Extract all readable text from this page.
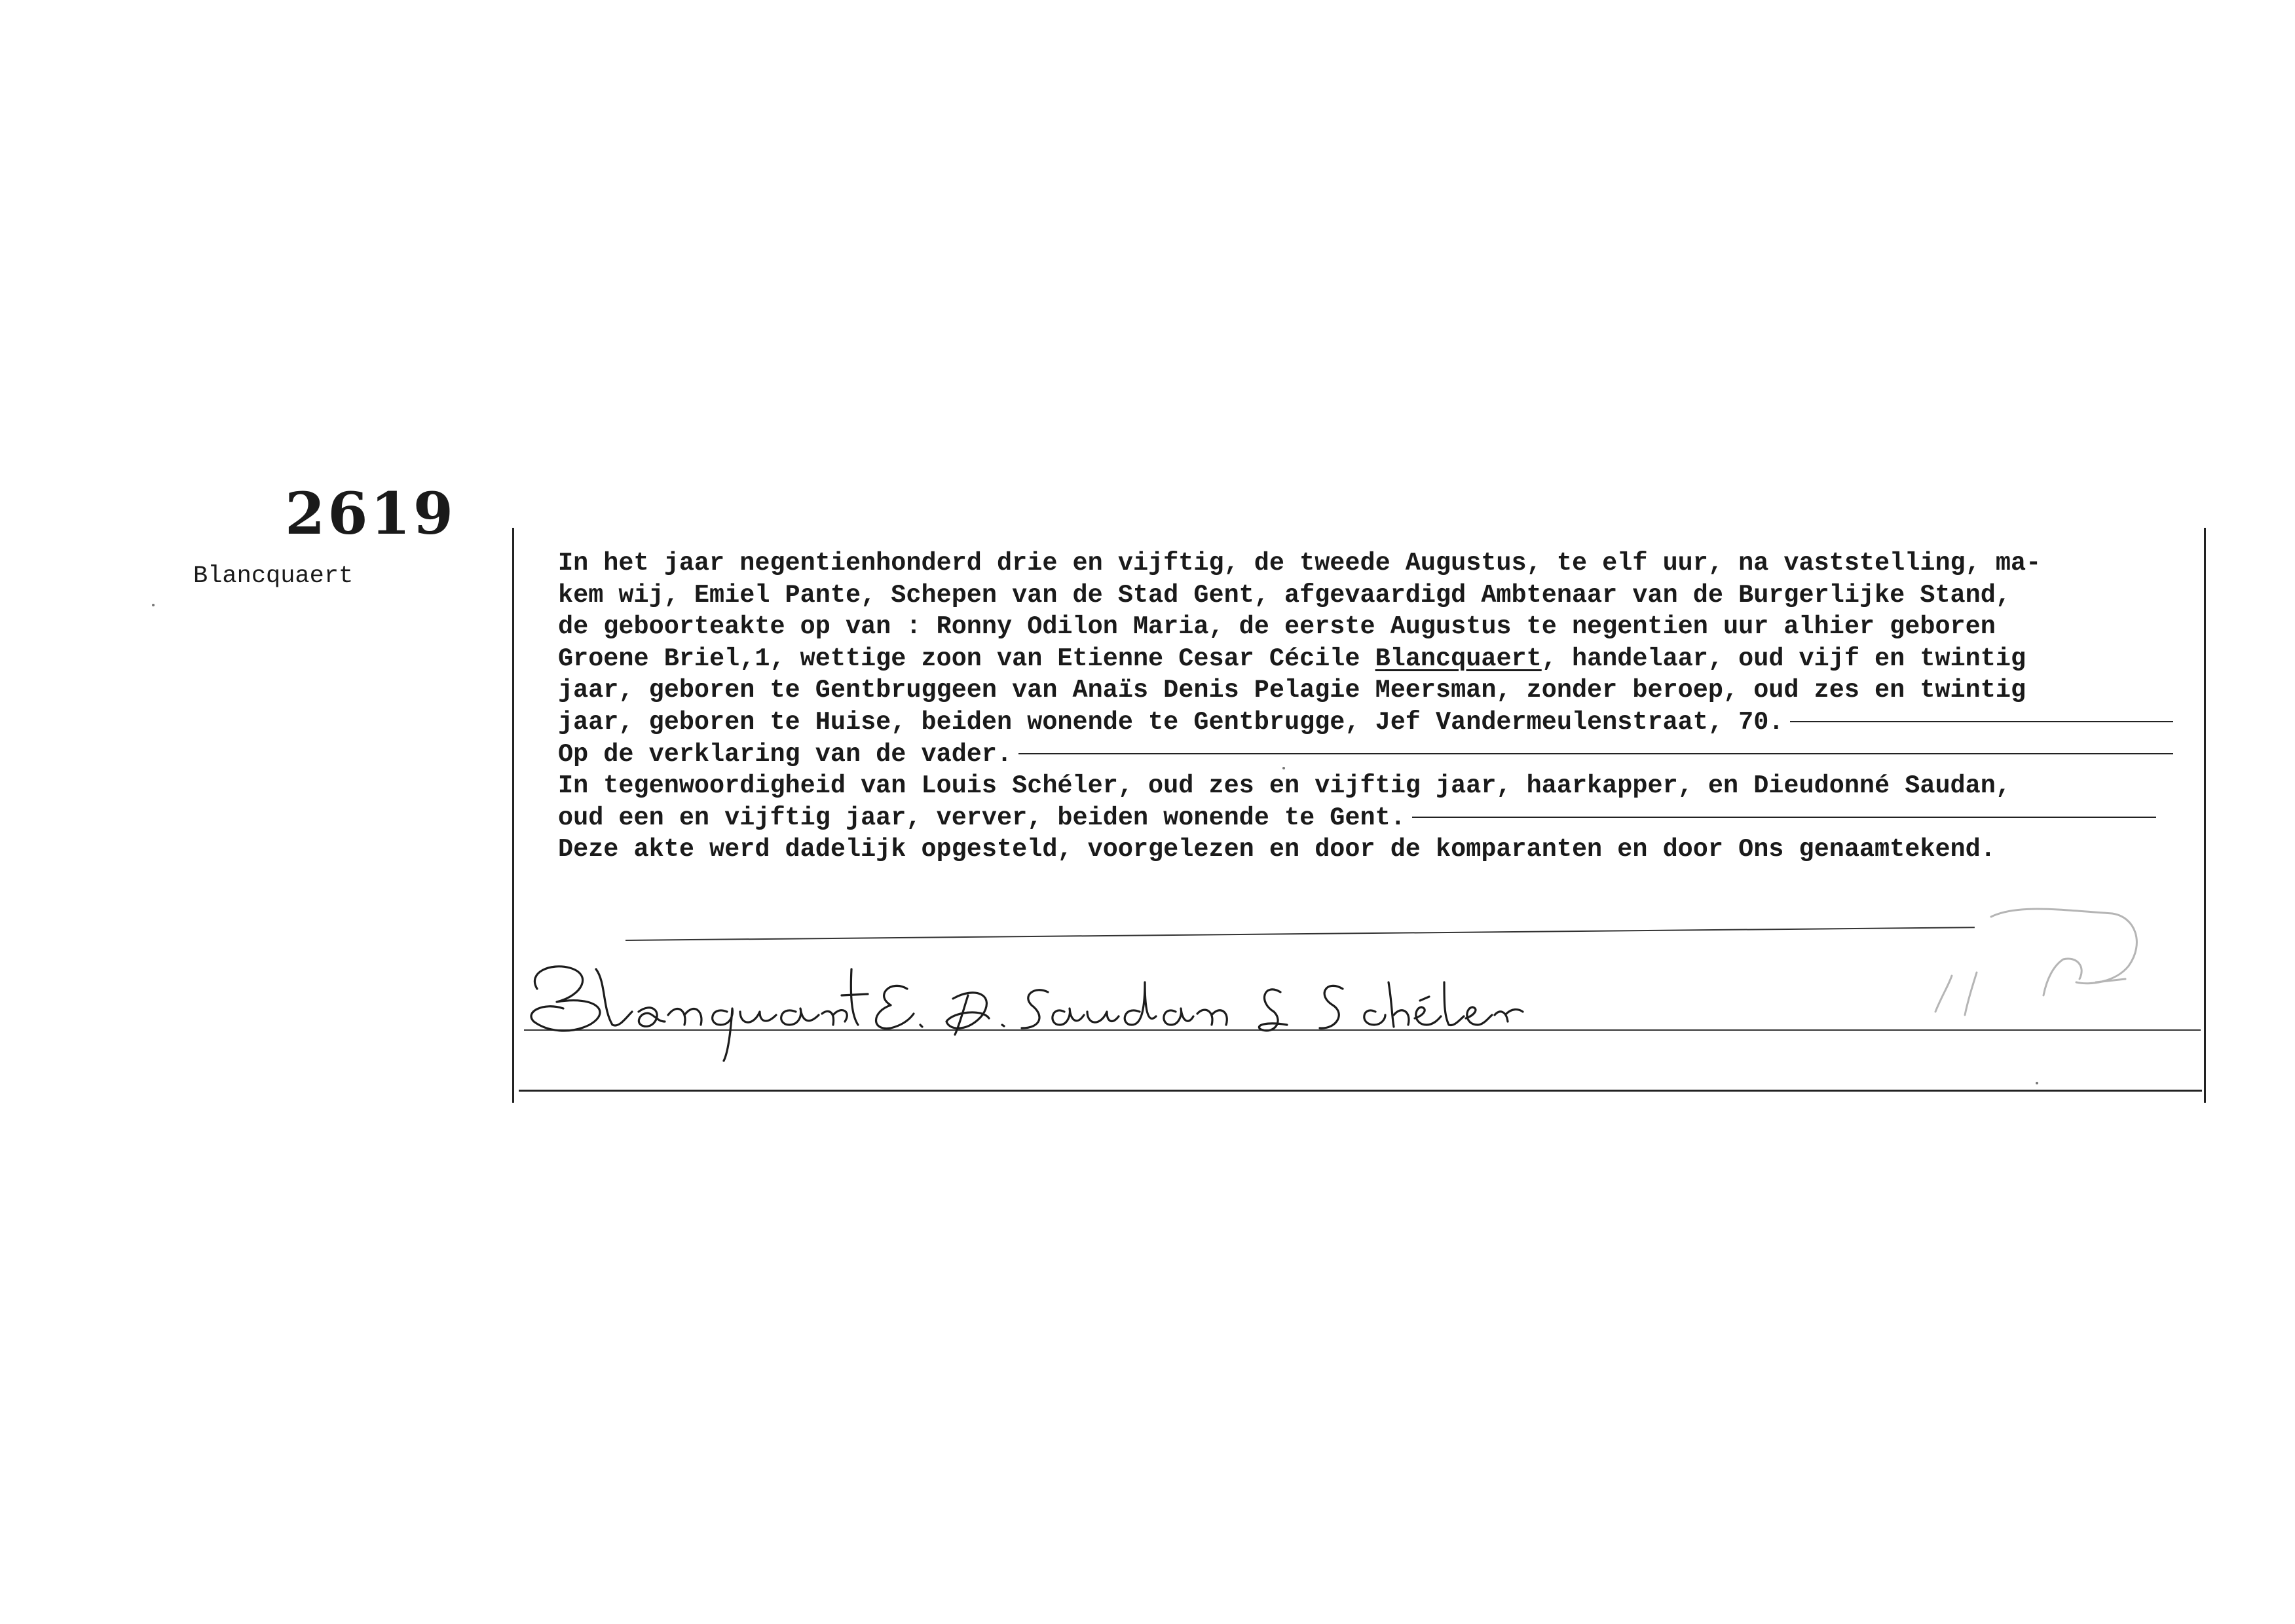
2619
Blancquaert	In het jaar negentienhonderd drie en vijftig, de tweede Augustus, te elf uur, na vaststelling, ma-
kem wij, Emiel Pante, Schepen van de Stad Gent, afgevaardigd Ambtenaar van de Burgerlijke Stand,
de geboorteakte op van : Ronny Odilon Maria, de eerste Augustus te negentien uur alhier geboren
Groene Briel,1, wettige zoon van Etienne Cesar Cécile Blancquaert , handelaar, oud vijf en twintig
jaar, geboren te Gentbruggeen van Anaïs Denis Pelagie Meersman, zonder beroep, oud zes en twintig
jaar, geboren te Huise, beiden wonende te Gentbrugge, Jef Vandermeulenstraat, 70.
Op de verklaring van de vader.
In tegenwoordigheid van Louis Schéler, oud zes en vijftig jaar, haarkapper, en Dieudonné Saudan,
oud een en vijftig jaar, verver, beiden wonende te Gent.
Deze akte werd dadelijk opgesteld, voorgelezen en door de komparanten en door Ons genaamtekend.
